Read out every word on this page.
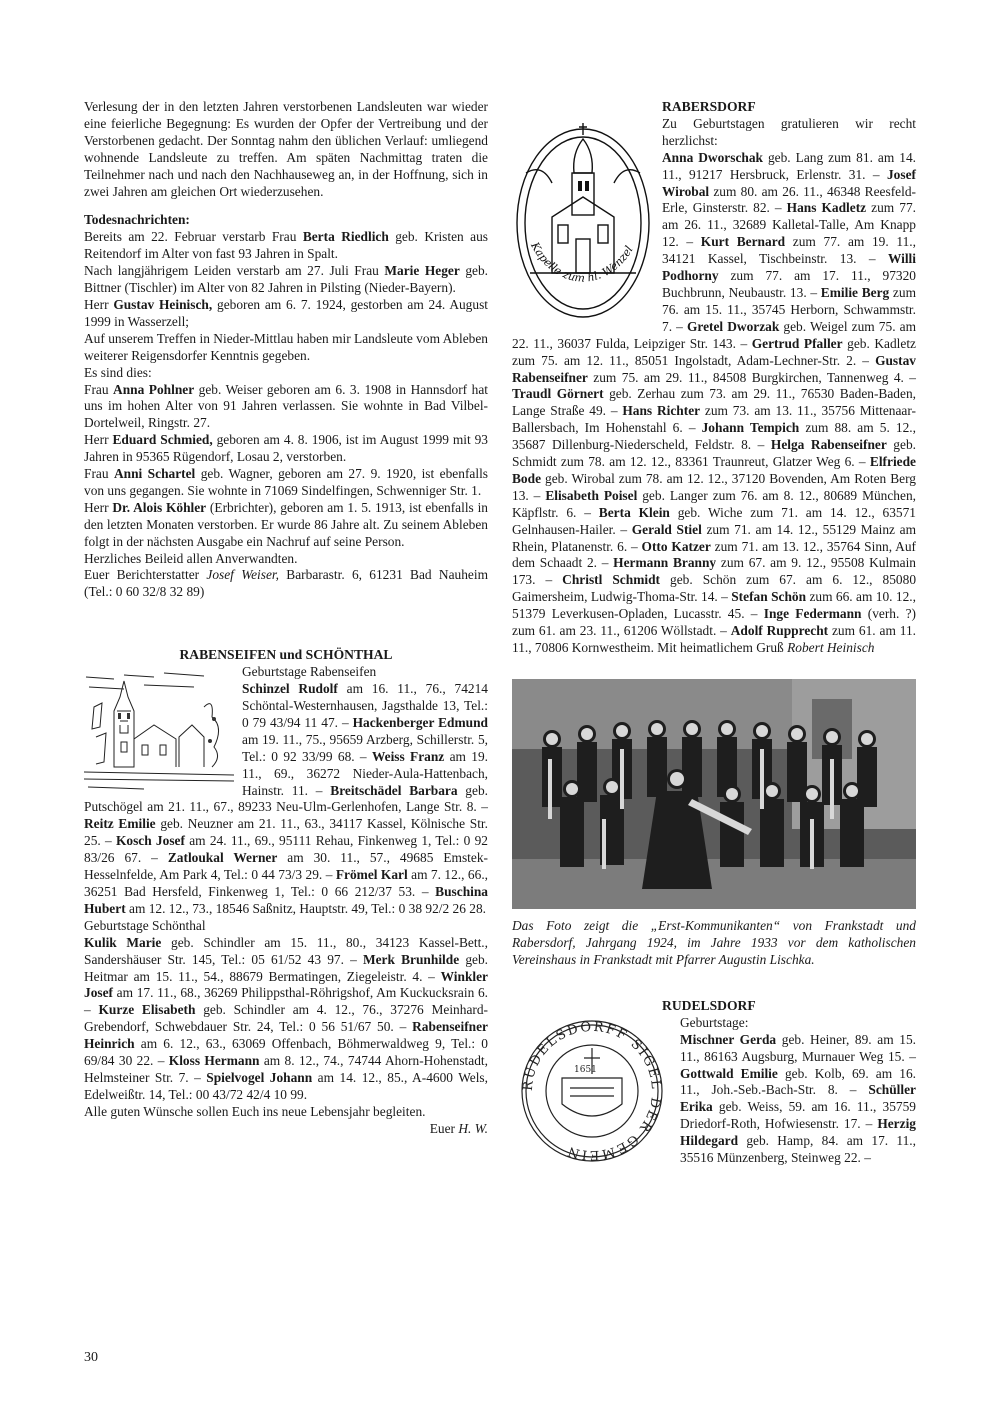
Verlesung der in den letzten Jahren verstorbenen Landsleuten war wieder eine feierliche Begegnung: Es wurden der Opfer der Vertreibung und der Verstorbenen gedacht. Der Sonntag nahm den üblichen Verlauf: umliegend wohnende Landsleute zu treffen. Am späten Nachmittag traten die Teilnehmer nach und nach den Nachhauseweg an, in der Hoffnung, sich in zwei Jahren am gleichen Ort wiederzusehen.

Todesnachrichten:

Bereits am 22. Februar verstarb Frau Berta Riedlich geb. Kristen aus Reitendorf im Alter von fast 93 Jahren in Spalt.

Nach langjährigem Leiden verstarb am 27. Juli Frau Marie Heger geb. Bittner (Tischler) im Alter von 82 Jahren in Pilsting (Nieder-Bayern).

Herr Gustav Heinisch, geboren am 6. 7. 1924, gestorben am 24. August 1999 in Wasserzell;

Auf unserem Treffen in Nieder-Mittlau haben mir Landsleute vom Ableben weiterer Reigensdorfer Kenntnis gegeben.

Es sind dies:

Frau Anna Pohlner geb. Weiser geboren am 6. 3. 1908 in Hannsdorf hat uns im hohen Alter von 91 Jahren verlassen. Sie wohnte in Bad Vilbel-Dortelweil, Ringstr. 27.

Herr Eduard Schmied, geboren am 4. 8. 1906, ist im August 1999 mit 93 Jahren in 95365 Rügendorf, Losau 2, verstorben.

Frau Anni Schartel geb. Wagner, geboren am 27. 9. 1920, ist ebenfalls von uns gegangen. Sie wohnte in 71069 Sindelfingen, Schwenniger Str. 1.

Herr Dr. Alois Köhler (Erbrichter), geboren am 1. 5. 1913, ist ebenfalls in den letzten Monaten verstorben. Er wurde 86 Jahre alt. Zu seinem Ableben folgt in der nächsten Ausgabe ein Nachruf auf seine Person.

Herzliches Beileid allen Anverwandten.

Euer Berichterstatter Josef Weiser, Barbarastr. 6, 61231 Bad Nauheim (Tel.: 0 60 32/8 32 89)

RABENSEIFEN und SCHÖNTHAL

Geburtstage Rabenseifen

Schinzel Rudolf am 16. 11., 76., 74214 Schöntal-Westernhausen, Jagsthalde 13, Tel.: 0 79 43/94 11 47. – Hackenberger Edmund am 19. 11., 75., 95659 Arzberg, Schillerstr. 5, Tel.: 0 92 33/99 68. – Weiss Franz am 19. 11., 69., 36272 Nieder-Aula-Hattenbach, Hainstr. 11. – Breitschädel Barbara geb. Putschögel am 21. 11., 67., 89233 Neu-Ulm-Gerlenhofen, Lange Str. 8. – Reitz Emilie geb. Neuzner am 21. 11., 63., 34117 Kassel, Kölnische Str. 25. – Kosch Josef am 24. 11., 69., 95111 Rehau, Finkenweg 1, Tel.: 0 92 83/26 67. – Zatloukal Werner am 30. 11., 57., 49685 Emstek-Hesselnfelde, Am Park 4, Tel.: 0 44 73/3 29. – Frömel Karl am 7. 12., 66., 36251 Bad Hersfeld, Finkenweg 1, Tel.: 0 66 212/37 53. – Buschina Hubert am 12. 12., 73., 18546 Saßnitz, Hauptstr. 49, Tel.: 0 38 92/2 26 28.

Geburtstage Schönthal

Kulik Marie geb. Schindler am 15. 11., 80., 34123 Kassel-Bett., Sandershäuser Str. 145, Tel.: 05 61/52 43 97. – Merk Brunhilde geb. Heitmar am 15. 11., 54., 88679 Bermatingen, Ziegeleistr. 4. – Winkler Josef am 17. 11., 68., 36269 Philippsthal-Röhrigshof, Am Kuckucksrain 6. – Kurze Elisabeth geb. Schindler am 4. 12., 76., 37276 Meinhard-Grebendorf, Schwebdauer Str. 24, Tel.: 0 56 51/67 50. – Rabenseifner Heinrich am 6. 12., 63., 63069 Offenbach, Böhmerwaldweg 9, Tel.: 0 69/84 30 22. – Kloss Hermann am 8. 12., 74., 74744 Ahorn-Hohenstadt, Helmsteiner Str. 7. – Spielvogel Johann am 14. 12., 85., A-4600 Wels, Edelweißtr. 14, Tel.: 00 43/72 42/4 10 99.

Alle guten Wünsche sollen Euch ins neue Lebensjahr begleiten.

Euer H. W.

Kapelle zum hl. Wenzel

RABERSDORF

Zu Geburtstagen gratulieren wir recht herzlichst:

Anna Dworschak geb. Lang zum 81. am 14. 11., 91217 Hersbruck, Erlenstr. 31. – Josef Wirobal zum 80. am 26. 11., 46348 Reesfeld-Erle, Ginsterstr. 82. – Hans Kadletz zum 77. am 26. 11., 32689 Kalletal-Talle, Am Knapp 12. – Kurt Bernard zum 77. am 19. 11., 34121 Kassel, Tischbeinstr. 13. – Willi Podhorny zum 77. am 17. 11., 97320 Buchbrunn, Neubaustr. 13. – Emilie Berg zum 76. am 15. 11., 35745 Herborn, Schwammstr. 7. – Gretel Dworzak geb. Weigel zum 75. am 22. 11., 36037 Fulda, Leipziger Str. 143. – Gertrud Pfaller geb. Kadletz zum 75. am 12. 11., 85051 Ingolstadt, Adam-Lechner-Str. 2. – Gustav Rabenseifner zum 75. am 29. 11., 84508 Burgkirchen, Tannenweg 4. – Traudl Görnert geb. Zerhau zum 73. am 29. 11., 76530 Baden-Baden, Lange Straße 49. – Hans Richter zum 73. am 13. 11., 35756 Mittenaar-Ballersbach, Im Hohenstahl 6. – Johann Tempich zum 88. am 5. 12., 35687 Dillenburg-Niederscheld, Feldstr. 8. – Helga Rabenseifner geb. Schmidt zum 78. am 12. 12., 83361 Traunreut, Glatzer Weg 6. – Elfriede Bode geb. Wirobal zum 78. am 12. 12., 37120 Bovenden, Am Roten Berg 13. – Elisabeth Poisel geb. Langer zum 76. am 8. 12., 80689 München, Käpflstr. 6. – Berta Klein geb. Wiche zum 71. am 14. 12., 63571 Gelnhausen-Hailer. – Gerald Stiel zum 71. am 14. 12., 55129 Mainz am Rhein, Platanenstr. 6. – Otto Katzer zum 71. am 13. 12., 35764 Sinn, Auf dem Schaadt 2. – Hermann Branny zum 67. am 9. 12., 95508 Kulmain 173. – Christl Schmidt geb. Schön zum 67. am 6. 12., 85080 Gaimersheim, Ludwig-Thoma-Str. 14. – Stefan Schön zum 66. am 10. 12., 51379 Leverkusen-Opladen, Lucasstr. 45. – Inge Federmann (verh. ?) zum 61. am 23. 11., 61206 Wöllstadt. – Adolf Rupprecht zum 61. am 11. 11., 70806 Kornwestheim. Mit heimatlichem Gruß Robert Heinisch

Das Foto zeigt die „Erst-Kommunikanten“ von Frankstadt und Rabersdorf, Jahrgang 1924, im Jahre 1933 vor dem katholischen Vereinshaus in Frankstadt mit Pfarrer Augustin Lischka.

RUDELSDORF

RUDELSDORFF SIGEL DER GEMEIN
1651

Geburtstage:

Mischner Gerda geb. Heiner, 89. am 15. 11., 86163 Augsburg, Murnauer Weg 15. – Gottwald Emilie geb. Kolb, 69. am 16. 11., Joh.-Seb.-Bach-Str. 8. – Schüller Erika geb. Weiss, 59. am 16. 11., 35759 Driedorf-Roth, Hofwiesenstr. 17. – Herzig Hildegard geb. Hamp, 84. am 17. 11., 35516 Münzenberg, Steinweg 22. –

30
